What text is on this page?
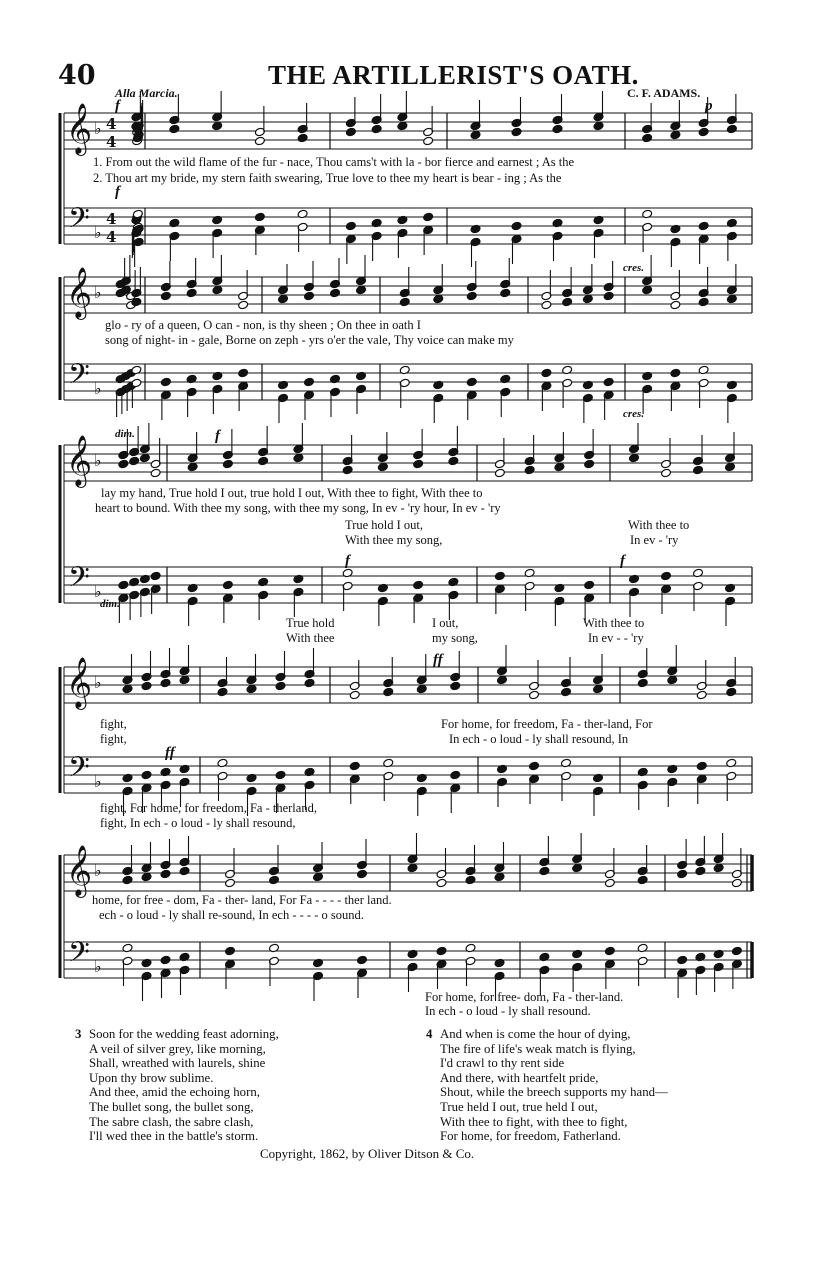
40	THE ARTILLERIST'S OATH.
Alla Marcia.	C. F. ADAMS.
𝄞
𝄢
♭
♭
4
4
4
4
𝄞
𝄢
♭
♭
𝄞
𝄢
♭
♭
𝄞
𝄢
♭
♭
𝄞
𝄢
♭
♭
f	p
f
cres.
cres.
dim.	f
f	f
dim.
ff
ff
1. From out the wild flame of the fur - nace, Thou cams't with la - bor fierce and earnest ; As the
2. Thou art my bride, my stern faith swearing, True love to thee my heart is bear - ing ; As the
glo - ry of a queen, O can - non, is thy sheen ; On thee in oath I
song of night- in - gale, Borne on zeph - yrs o'er the vale, Thy voice can make my
lay my hand, True hold I out, true hold I out, With thee to fight, With thee to
heart to bound. With thee my song, with thee my song, In ev - 'ry hour, In ev - 'ry
True hold I out,
With thee my song,
With thee to
In ev - 'ry
True hold
With thee
I out,
my song,
With thee to
In ev - - 'ry
fight,
fight,
For home, for freedom, Fa - ther-land, For
In ech - o loud - ly shall resound, In
fight, For home, for freedom, Fa - therland,
fight, In ech - o loud - ly shall resound,
home, for free - dom, Fa - ther- land, For Fa - - - - ther land.
ech - o loud - ly shall re-sound, In ech - - - - o sound.
For home, for free- dom, Fa - ther-land.
In ech - o loud - ly shall resound.
3 Soon for the wedding feast adorning,
A veil of silver grey, like morning,
Shall, wreathed with laurels, shine
Upon thy brow sublime.
And thee, amid the echoing horn,
The bullet song, the bullet song,
The sabre clash, the sabre clash,
I'll wed thee in the battle's storm.
4 And when is come the hour of dying,
The fire of life's weak match is flying,
I'd crawl to thy rent side
And there, with heartfelt pride,
Shout, while the breech supports my hand—
True held I out, true held I out,
With thee to fight, with thee to fight,
For home, for freedom, Fatherland.
Copyright, 1862, by Oliver Ditson & Co.
